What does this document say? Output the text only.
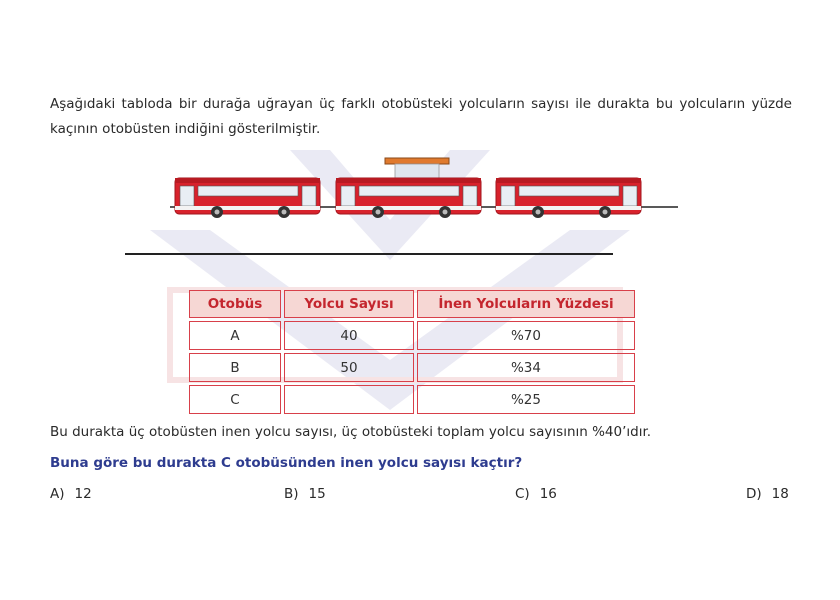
Aşağıdaki tabloda bir durağa uğrayan üç farklı otobüsteki yolcuların sayısı ile durakta bu yolcuların yüzde kaçının otobüsten indiğini gösterilmiştir.
Otobüs	Yolcu Sayısı	İnen Yolcuların Yüzdesi
A	40	%70
B	50	%34
C		%25
Bu durakta üç otobüsten inen yolcu sayısı, üç otobüsteki toplam yolcu sayısının %40’ıdır.
Buna göre bu durakta C otobüsünden inen yolcu sayısı kaçtır?
A) 12	B) 15	C) 16	D) 18
